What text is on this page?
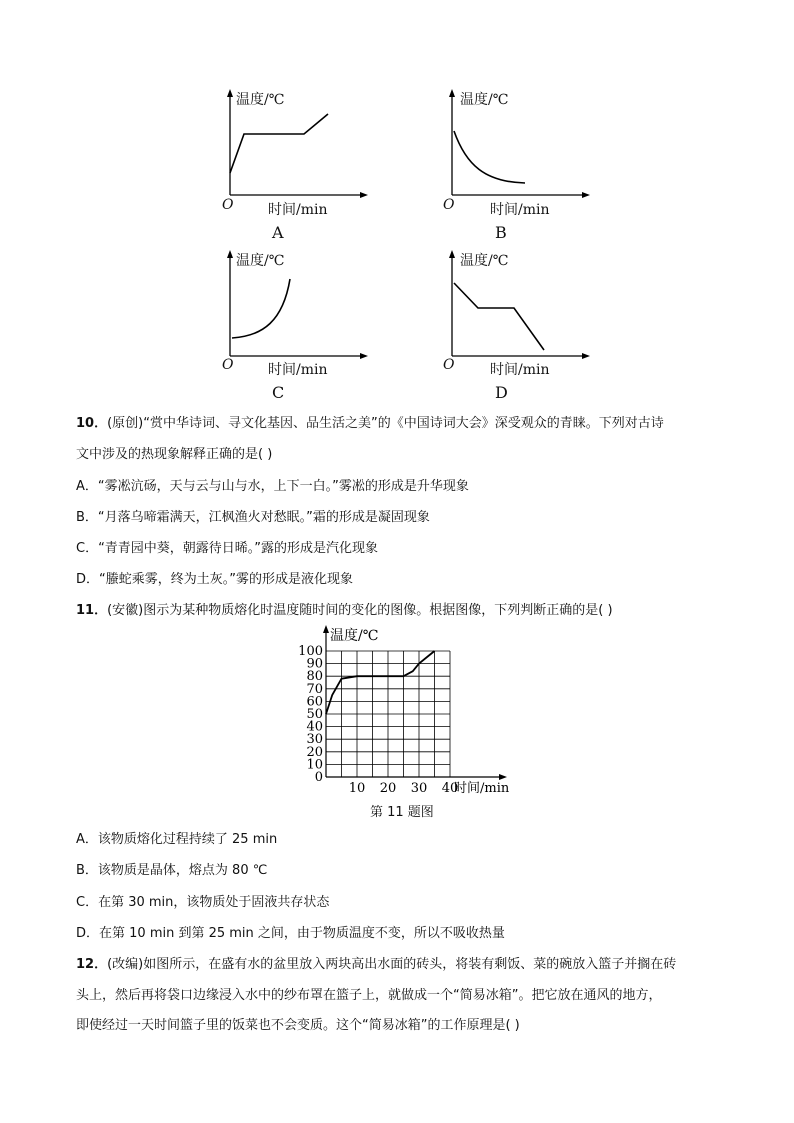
温度/℃
O 时间/min
A
温度/℃
O	时间/min
B
温度/℃
O 时间/min
C
温度/℃
O	时间/min
D
10．(原创)“赏中华诗词、寻文化基因、品生活之美”的《中国诗词大会》深受观众的青睐。下列对古诗
文中涉及的热现象解释正确的是( )
A．“雾凇沆砀，天与云与山与水，上下一白。”雾凇的形成是升华现象
B．“月落乌啼霜满天，江枫渔火对愁眠。”霜的形成是凝固现象
C．“青青园中葵，朝露待日晞。”露的形成是汽化现象
D．“螣蛇乘雾，终为土灰。”雾的形成是液化现象
11．(安徽)图示为某种物质熔化时温度随时间的变化的图像。根据图像，下列判断正确的是( )
0
10
20
30
40
50
60
70
80
90
100
10 20 30 40
温度/℃
时间/min
第 11 题图
A．该物质熔化过程持续了 25 min
B．该物质是晶体，熔点为 80 ℃
C．在第 30 min，该物质处于固液共存状态
D．在第 10 min 到第 25 min 之间，由于物质温度不变，所以不吸收热量
12．(改编)如图所示，在盛有水的盆里放入两块高出水面的砖头，将装有剩饭、菜的碗放入篮子并搁在砖
头上，然后再将袋口边缘浸入水中的纱布罩在篮子上，就做成一个“简易冰箱”。把它放在通风的地方，
即使经过一天时间篮子里的饭菜也不会变质。这个“简易冰箱”的工作原理是( )
